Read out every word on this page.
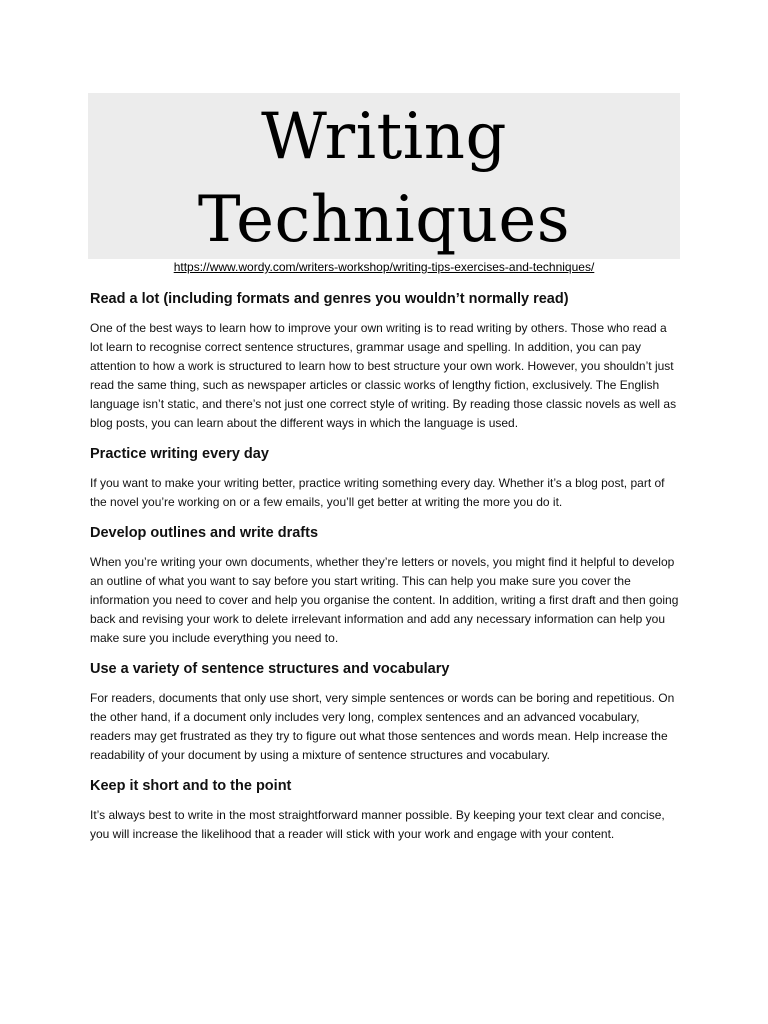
Writing
Techniques
https://www.wordy.com/writers-workshop/writing-tips-exercises-and-techniques/
Read a lot (including formats and genres you wouldn’t normally read)
One of the best ways to learn how to improve your own writing is to read writing by others. Those who read a lot learn to recognise correct sentence structures, grammar usage and spelling. In addition, you can pay attention to how a work is structured to learn how to best structure your own work. However, you shouldn’t just read the same thing, such as newspaper articles or classic works of lengthy fiction, exclusively. The English language isn’t static, and there’s not just one correct style of writing. By reading those classic novels as well as blog posts, you can learn about the different ways in which the language is used.
Practice writing every day
If you want to make your writing better, practice writing something every day. Whether it’s a blog post, part of the novel you’re working on or a few emails, you’ll get better at writing the more you do it.
Develop outlines and write drafts
When you’re writing your own documents, whether they’re letters or novels, you might find it helpful to develop an outline of what you want to say before you start writing. This can help you make sure you cover the information you need to cover and help you organise the content. In addition, writing a first draft and then going back and revising your work to delete irrelevant information and add any necessary information can help you make sure you include everything you need to.
Use a variety of sentence structures and vocabulary
For readers, documents that only use short, very simple sentences or words can be boring and repetitious. On the other hand, if a document only includes very long, complex sentences and an advanced vocabulary, readers may get frustrated as they try to figure out what those sentences and words mean. Help increase the readability of your document by using a mixture of sentence structures and vocabulary.
Keep it short and to the point
It’s always best to write in the most straightforward manner possible. By keeping your text clear and concise, you will increase the likelihood that a reader will stick with your work and engage with your content.
